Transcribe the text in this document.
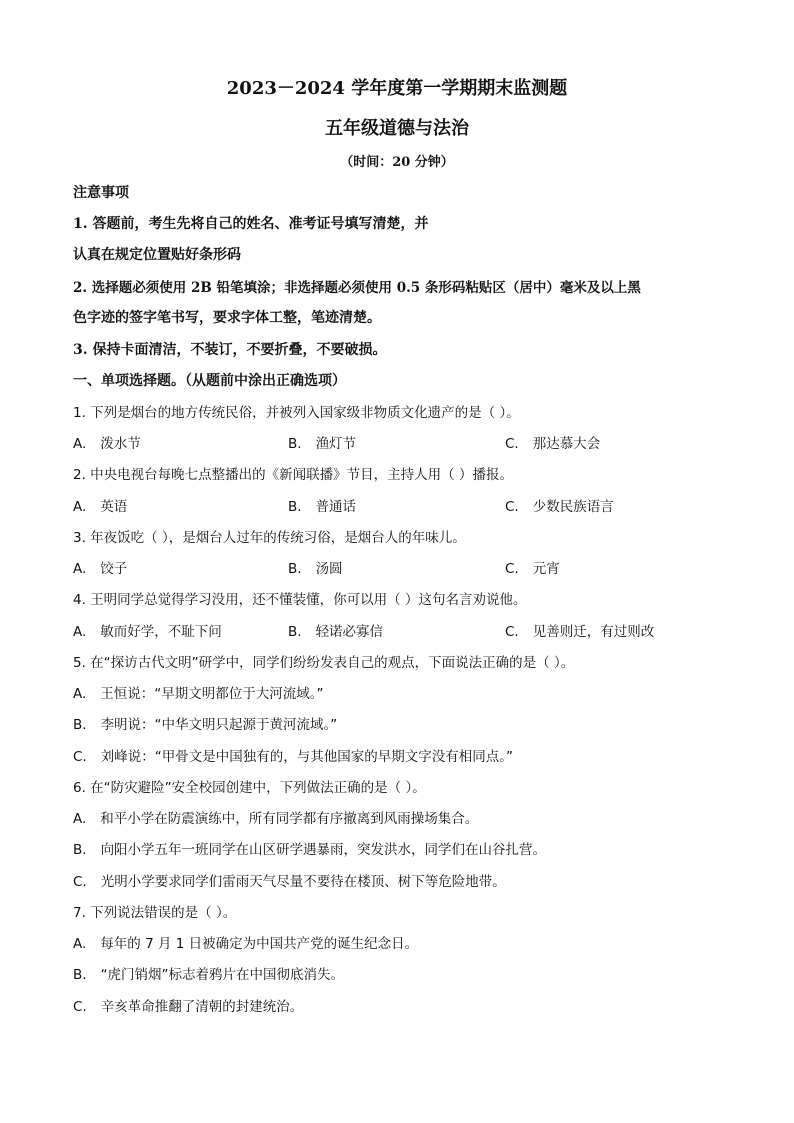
2023－2024 学年度第一学期期末监测题
五年级道德与法治
（时间：20 分钟）
注意事项
1. 答题前，考生先将自己的姓名、准考证号填写清楚，并
认真在规定位置贴好条形码
2. 选择题必须使用 2B 铅笔填涂；非选择题必须使用 0.5 条形码粘贴区（居中）毫米及以上黑
色字迹的签字笔书写，要求字体工整，笔迹清楚。
3. 保持卡面清洁，不装订，不要折叠，不要破损。
一、单项选择题。（从题前中涂出正确选项）
1. 下列是烟台的地方传统民俗，并被列入国家级非物质文化遗产的是（ ）。
A. 泼水节	B. 渔灯节	C. 那达慕大会
2. 中央电视台每晚七点整播出的《新闻联播》节目，主持人用（ ）播报。
A. 英语	B. 普通话	C. 少数民族语言
3. 年夜饭吃（ ），是烟台人过年的传统习俗，是烟台人的年味儿。
A. 饺子	B. 汤圆	C. 元宵
4. 王明同学总觉得学习没用，还不懂装懂，你可以用（ ）这句名言劝说他。
A. 敏而好学，不耻下问	B. 轻诺必寡信	C. 见善则迁，有过则改
5. 在“探访古代文明”研学中，同学们纷纷发表自己的观点，下面说法正确的是（ ）。
A. 王恒说：“早期文明都位于大河流域。”
B. 李明说：“中华文明只起源于黄河流域。”
C. 刘峰说：“甲骨文是中国独有的，与其他国家的早期文字没有相同点。”
6. 在“防灾避险”安全校园创建中，下列做法正确的是（ ）。
A. 和平小学在防震演练中，所有同学都有序撤离到风雨操场集合。
B. 向阳小学五年一班同学在山区研学遇暴雨，突发洪水，同学们在山谷扎营。
C. 光明小学要求同学们雷雨天气尽量不要待在楼顶、树下等危险地带。
7. 下列说法错误的是（ ）。
A. 每年的 7 月 1 日被确定为中国共产党的诞生纪念日。
B. “虎门销烟”标志着鸦片在中国彻底消失。
C. 辛亥革命推翻了清朝的封建统治。
